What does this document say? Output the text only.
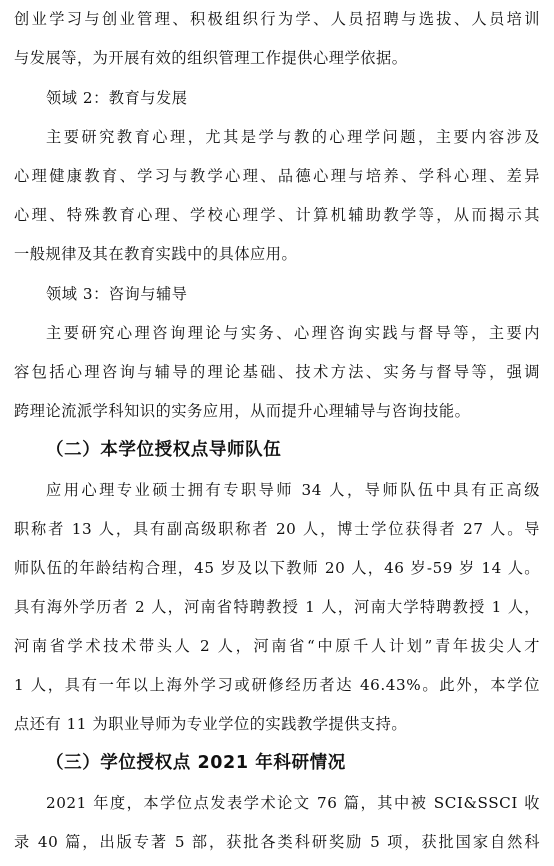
创业学习与创业管理、积极组织行为学、人员招聘与选拔、人员培训
与发展等，为开展有效的组织管理工作提供心理学依据。
领域 2：教育与发展
主要研究教育心理，尤其是学与教的心理学问题，主要内容涉及
心理健康教育、学习与教学心理、品德心理与培养、学科心理、差异
心理、特殊教育心理、学校心理学、计算机辅助教学等，从而揭示其
一般规律及其在教育实践中的具体应用。
领域 3：咨询与辅导
主要研究心理咨询理论与实务、心理咨询实践与督导等，主要内
容包括心理咨询与辅导的理论基础、技术方法、实务与督导等，强调
跨理论流派学科知识的实务应用，从而提升心理辅导与咨询技能。
（二）本学位授权点导师队伍
应用心理专业硕士拥有专职导师 34 人，导师队伍中具有正高级
职称者 13 人，具有副高级职称者 20 人，博士学位获得者 27 人。导
师队伍的年龄结构合理，45 岁及以下教师 20 人，46 岁-59 岁 14 人。
具有海外学历者 2 人，河南省特聘教授 1 人，河南大学特聘教授 1 人，
河南省学术技术带头人 2 人，河南省“中原千人计划”青年拔尖人才
1 人，具有一年以上海外学习或研修经历者达 46.43%。此外，本学位
点还有 11 为职业导师为专业学位的实践教学提供支持。
（三）学位授权点 2021 年科研情况
2021 年度，本学位点发表学术论文 76 篇，其中被 SCI&SSCI 收
录 40 篇，出版专著 5 部，获批各类科研奖励 5 项，获批国家自然科
